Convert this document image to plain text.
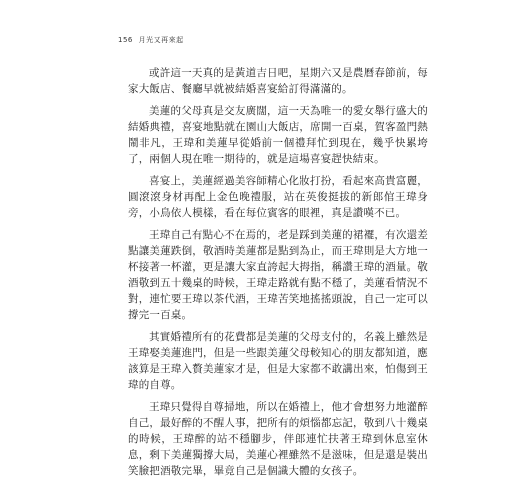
156 月光又再來起

或許這一天真的是黃道吉日吧，星期六又是農曆春節前，每家大飯店、餐廳早就被結婚喜宴給訂得滿滿的。

美蓮的父母真是交友廣闊，這一天為唯一的愛女舉行盛大的結婚典禮，喜宴地點就在園山大飯店，席開一百桌，賀客盈門熱鬧非凡，王瑋和美蓮早從婚前一個禮拜忙到現在，幾乎快累垮了，兩個人現在唯一期待的，就是這場喜宴趕快結束。

喜宴上，美蓮經過美容師精心化妝打扮，看起來高貴富麗，圓滾滾身材再配上金色晚禮服，站在英俊挺拔的新郎倌王瑋身旁，小鳥依人模樣，看在每位賓客的眼裡，真是讚嘆不已。

王瑋自己有點心不在焉的，老是踩到美蓮的裙襬，有次還差點讓美蓮跌倒，敬酒時美蓮都是點到為止，而王瑋則是大方地一杯接著一杯灌，更是讓大家直誇起大拇指，稱讚王瑋的酒量。敬酒敬到五十幾桌的時候，王瑋走路就有點不穩了，美蓮看情況不對，連忙要王瑋以茶代酒，王瑋苦笑地搖搖頭說，自己一定可以撐完一百桌。

其實婚禮所有的花費都是美蓮的父母支付的，名義上雖然是王瑋娶美蓮進門，但是一些跟美蓮父母較知心的朋友都知道，應該算是王瑋入贅美蓮家才是，但是大家都不敢講出來，怕傷到王瑋的自尊。

王瑋只覺得自尊掃地，所以在婚禮上，他才會想努力地灌醉自己，最好醉的不醒人事，把所有的煩惱都忘記，敬到八十幾桌的時候，王瑋醉的站不穩腳步，伴郎連忙扶著王瑋到休息室休息，剩下美蓮獨撐大局，美蓮心裡雖然不是滋味，但是還是裝出笑臉把酒敬完畢，畢竟自己是個識大體的女孩子。
